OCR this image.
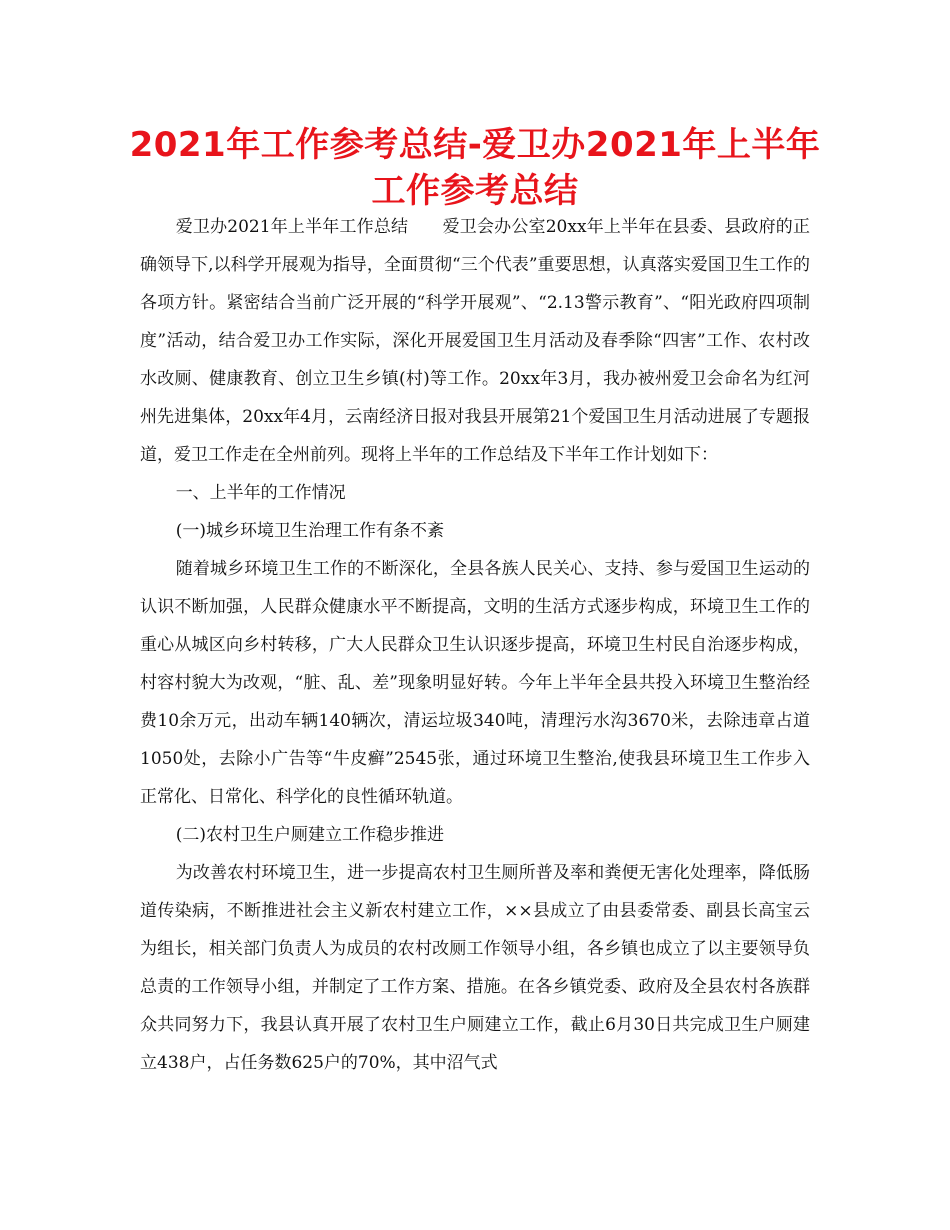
2021年工作参考总结-爱卫办2021年上半年工作参考总结

爱卫办2021年上半年工作总结　　爱卫会办公室20xx年上半年在县委、县政府的正确领导下,以科学开展观为指导，全面贯彻“三个代表”重要思想，认真落实爱国卫生工作的各项方针。紧密结合当前广泛开展的“科学开展观”、“2.13警示教育”、“阳光政府四项制度”活动，结合爱卫办工作实际，深化开展爱国卫生月活动及春季除“四害”工作、农村改水改厕、健康教育、创立卫生乡镇(村)等工作。20xx年3月，我办被州爱卫会命名为红河州先进集体，20xx年4月，云南经济日报对我县开展第21个爱国卫生月活动进展了专题报道，爱卫工作走在全州前列。现将上半年的工作总结及下半年工作计划如下：

一、上半年的工作情况

(一)城乡环境卫生治理工作有条不紊

随着城乡环境卫生工作的不断深化，全县各族人民关心、支持、参与爱国卫生运动的认识不断加强，人民群众健康水平不断提高，文明的生活方式逐步构成，环境卫生工作的重心从城区向乡村转移，广大人民群众卫生认识逐步提高，环境卫生村民自治逐步构成，村容村貌大为改观，“脏、乱、差”现象明显好转。今年上半年全县共投入环境卫生整治经费10余万元，出动车辆140辆次，清运垃圾340吨，清理污水沟3670米，去除违章占道1050处，去除小广告等“牛皮癣”2545张，通过环境卫生整治,使我县环境卫生工作步入正常化、日常化、科学化的良性循环轨道。

(二)农村卫生户厕建立工作稳步推进

为改善农村环境卫生，进一步提高农村卫生厕所普及率和粪便无害化处理率，降低肠道传染病，不断推进社会主义新农村建立工作，××县成立了由县委常委、副县长高宝云为组长，相关部门负责人为成员的农村改厕工作领导小组，各乡镇也成立了以主要领导负总责的工作领导小组，并制定了工作方案、措施。在各乡镇党委、政府及全县农村各族群众共同努力下，我县认真开展了农村卫生户厕建立工作，截止6月30日共完成卫生户厕建立438户，占任务数625户的70%，其中沼气式
